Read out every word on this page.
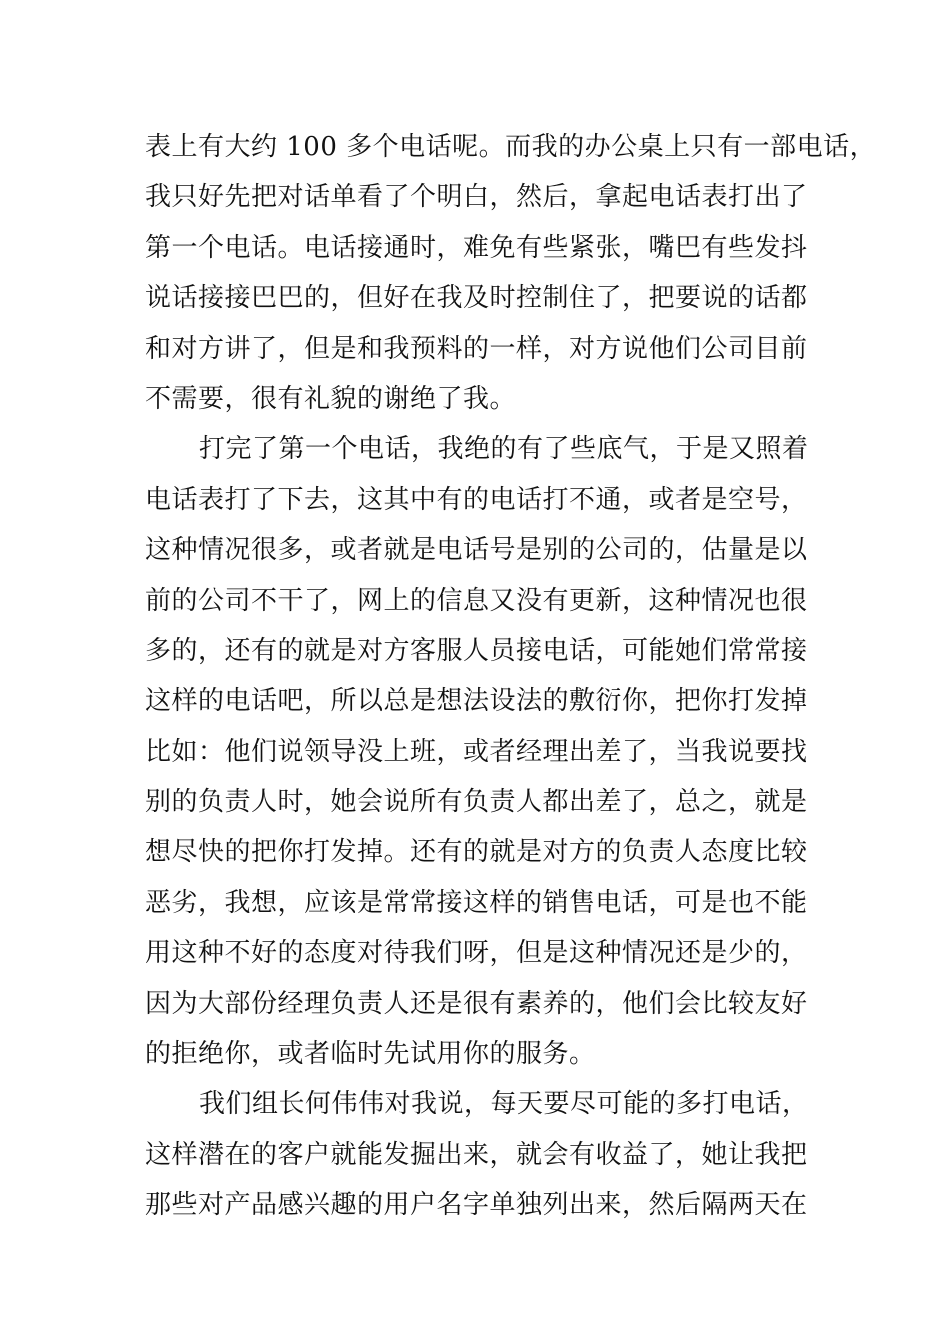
表上有大约 100 多个电话呢。而我的办公桌上只有一部电话，
我只好先把对话单看了个明白，然后，拿起电话表打出了
第一个电话。电话接通时，难免有些紧张，嘴巴有些发抖
说话接接巴巴的，但好在我及时控制住了，把要说的话都
和对方讲了，但是和我预料的一样，对方说他们公司目前
不需要，很有礼貌的谢绝了我。
打完了第一个电话，我绝的有了些底气，于是又照着
电话表打了下去，这其中有的电话打不通，或者是空号，
这种情况很多，或者就是电话号是别的公司的，估量是以
前的公司不干了，网上的信息又没有更新，这种情况也很
多的，还有的就是对方客服人员接电话，可能她们常常接
这样的电话吧，所以总是想法设法的敷衍你，把你打发掉
比如：他们说领导没上班，或者经理出差了，当我说要找
别的负责人时，她会说所有负责人都出差了，总之，就是
想尽快的把你打发掉。还有的就是对方的负责人态度比较
恶劣，我想，应该是常常接这样的销售电话，可是也不能
用这种不好的态度对待我们呀，但是这种情况还是少的，
因为大部份经理负责人还是很有素养的，他们会比较友好
的拒绝你，或者临时先试用你的服务。
我们组长何伟伟对我说，每天要尽可能的多打电话，
这样潜在的客户就能发掘出来，就会有收益了，她让我把
那些对产品感兴趣的用户名字单独列出来，然后隔两天在
